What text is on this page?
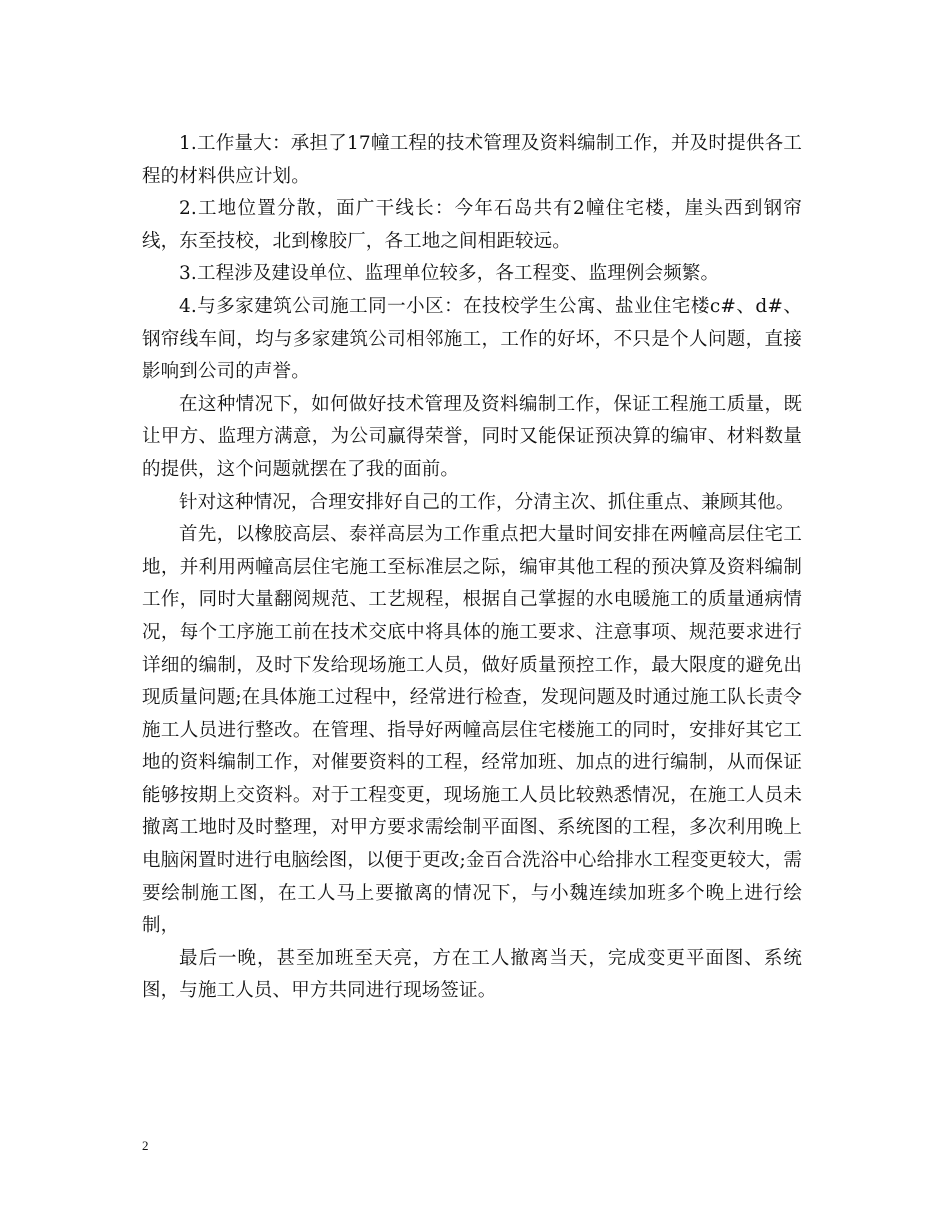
1.工作量大：承担了17幢工程的技术管理及资料编制工作，并及时提供各工程的材料供应计划。

2.工地位置分散，面广干线长：今年石岛共有2幢住宅楼，崖头西到钢帘线，东至技校，北到橡胶厂，各工地之间相距较远。

3.工程涉及建设单位、监理单位较多，各工程变、监理例会频繁。

4.与多家建筑公司施工同一小区：在技校学生公寓、盐业住宅楼c#、d#、钢帘线车间，均与多家建筑公司相邻施工，工作的好坏，不只是个人问题，直接影响到公司的声誉。

在这种情况下，如何做好技术管理及资料编制工作，保证工程施工质量，既让甲方、监理方满意，为公司赢得荣誉，同时又能保证预决算的编审、材料数量的提供，这个问题就摆在了我的面前。

针对这种情况，合理安排好自己的工作，分清主次、抓住重点、兼顾其他。

首先，以橡胶高层、泰祥高层为工作重点把大量时间安排在两幢高层住宅工地，并利用两幢高层住宅施工至标准层之际，编审其他工程的预决算及资料编制工作，同时大量翻阅规范、工艺规程，根据自己掌握的水电暖施工的质量通病情况，每个工序施工前在技术交底中将具体的施工要求、注意事项、规范要求进行详细的编制，及时下发给现场施工人员，做好质量预控工作，最大限度的避免出现质量问题;在具体施工过程中，经常进行检查，发现问题及时通过施工队长责令施工人员进行整改。在管理、指导好两幢高层住宅楼施工的同时，安排好其它工地的资料编制工作，对催要资料的工程，经常加班、加点的进行编制，从而保证能够按期上交资料。对于工程变更，现场施工人员比较熟悉情况，在施工人员未撤离工地时及时整理，对甲方要求需绘制平面图、系统图的工程，多次利用晚上电脑闲置时进行电脑绘图，以便于更改;金百合洗浴中心给排水工程变更较大，需要绘制施工图，在工人马上要撤离的情况下，与小魏连续加班多个晚上进行绘制，

最后一晚，甚至加班至天亮，方在工人撤离当天，完成变更平面图、系统图，与施工人员、甲方共同进行现场签证。

2
